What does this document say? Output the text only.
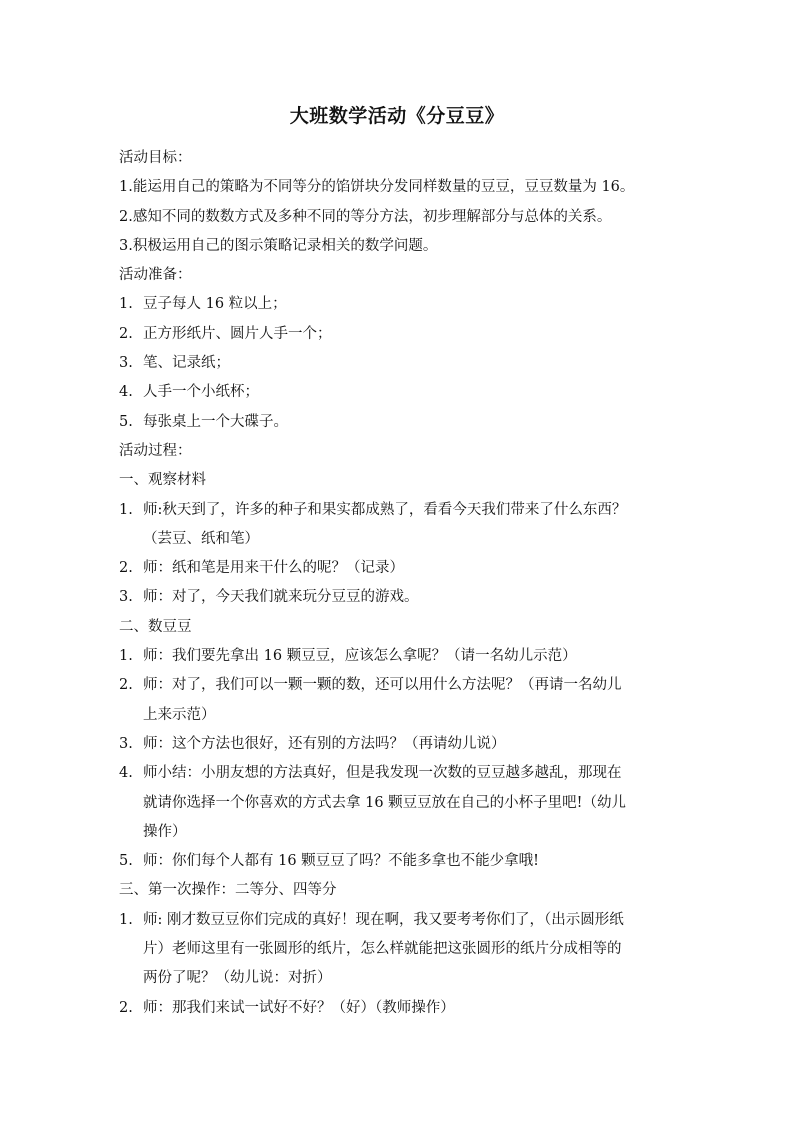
大班数学活动《分豆豆》
活动目标：
1.能运用自己的策略为不同等分的馅饼块分发同样数量的豆豆，豆豆数量为 16。
2.感知不同的数数方式及多种不同的等分方法，初步理解部分与总体的关系。
3.积极运用自己的图示策略记录相关的数学问题。
活动准备：
1. 豆子每人 16 粒以上；
2. 正方形纸片、圆片人手一个；
3. 笔、记录纸；
4. 人手一个小纸杯；
5. 每张桌上一个大碟子。
活动过程：
一、观察材料
1. 师:秋天到了，许多的种子和果实都成熟了，看看今天我们带来了什么东西？
（芸豆、纸和笔）
2. 师：纸和笔是用来干什么的呢？（记录）
3. 师：对了，今天我们就来玩分豆豆的游戏。
二、数豆豆
1. 师：我们要先拿出 16 颗豆豆，应该怎么拿呢？（请一名幼儿示范）
2. 师：对了，我们可以一颗一颗的数，还可以用什么方法呢？（再请一名幼儿
上来示范）
3. 师：这个方法也很好，还有别的方法吗？（再请幼儿说）
4. 师小结：小朋友想的方法真好，但是我发现一次数的豆豆越多越乱，那现在
就请你选择一个你喜欢的方式去拿 16 颗豆豆放在自己的小杯子里吧!（幼儿
操作）
5. 师：你们每个人都有 16 颗豆豆了吗？不能多拿也不能少拿哦!
三、第一次操作：二等分、四等分
1. 师: 刚才数豆豆你们完成的真好！现在啊，我又要考考你们了，（出示圆形纸
片）老师这里有一张圆形的纸片，怎么样就能把这张圆形的纸片分成相等的
两份了呢？（幼儿说：对折）
2. 师：那我们来试一试好不好？（好）（教师操作）
